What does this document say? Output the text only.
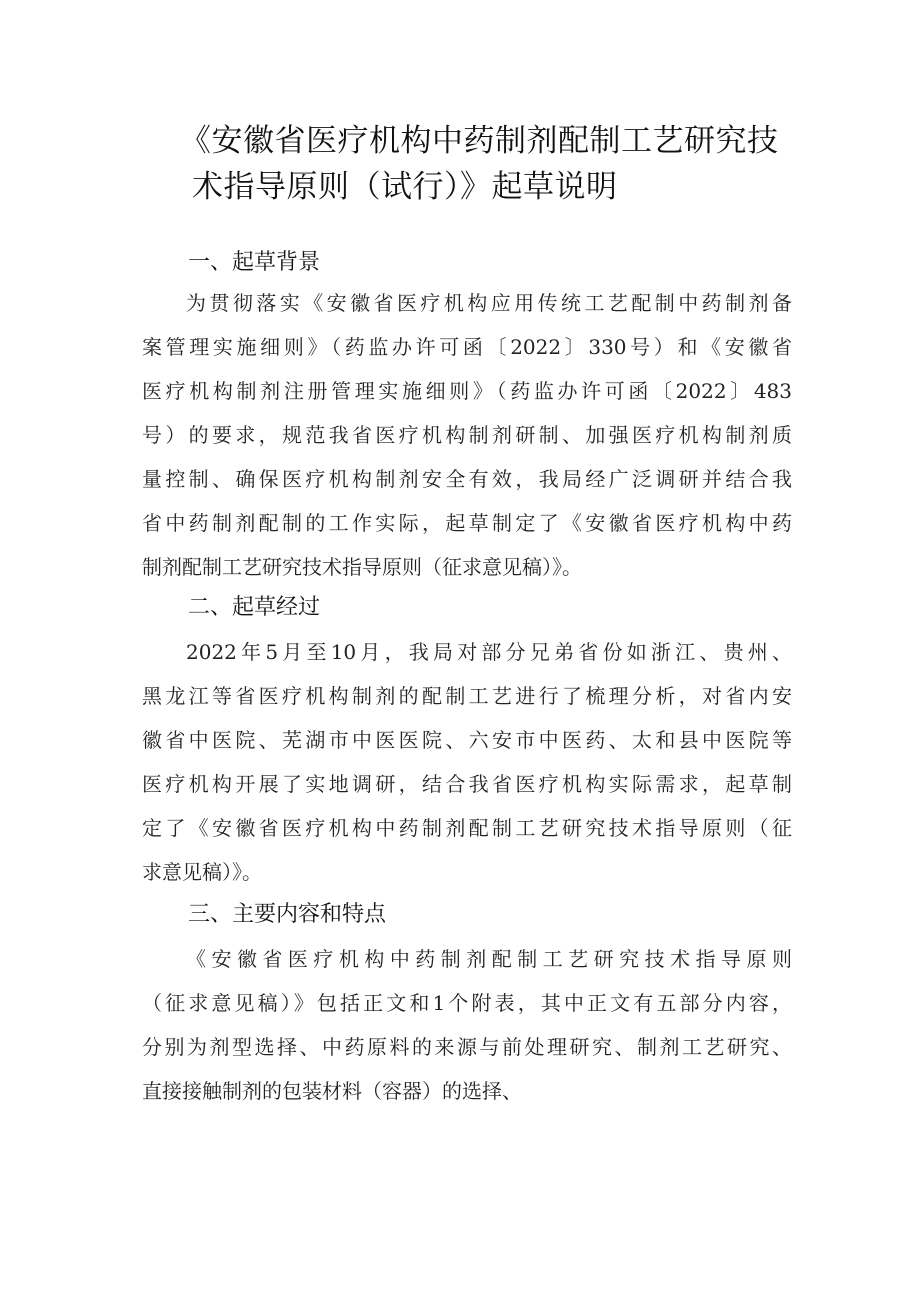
《安徽省医疗机构中药制剂配制工艺研究技
术指导原则（试行）》起草说明
一、起草背景
为贯彻落实《安徽省医疗机构应用传统工艺配制中药制剂备
案管理实施细则》（药监办许可函〔2022〕330号）和《安徽省
医疗机构制剂注册管理实施细则》（药监办许可函〔2022〕483
号）的要求，规范我省医疗机构制剂研制、加强医疗机构制剂质
量控制、确保医疗机构制剂安全有效，我局经广泛调研并结合我
省中药制剂配制的工作实际，起草制定了《安徽省医疗机构中药
制剂配制工艺研究技术指导原则（征求意见稿）》。
二、起草经过
2022年5月至10月，我局对部分兄弟省份如浙江、贵州、
黑龙江等省医疗机构制剂的配制工艺进行了梳理分析，对省内安
徽省中医院、芜湖市中医医院、六安市中医药、太和县中医院等
医疗机构开展了实地调研，结合我省医疗机构实际需求，起草制
定了《安徽省医疗机构中药制剂配制工艺研究技术指导原则（征
求意见稿）》。
三、主要内容和特点
《安徽省医疗机构中药制剂配制工艺研究技术指导原则
（征求意见稿）》包括正文和1个附表，其中正文有五部分内容，
分别为剂型选择、中药原料的来源与前处理研究、制剂工艺研究、
直接接触制剂的包装材料（容器）的选择、
